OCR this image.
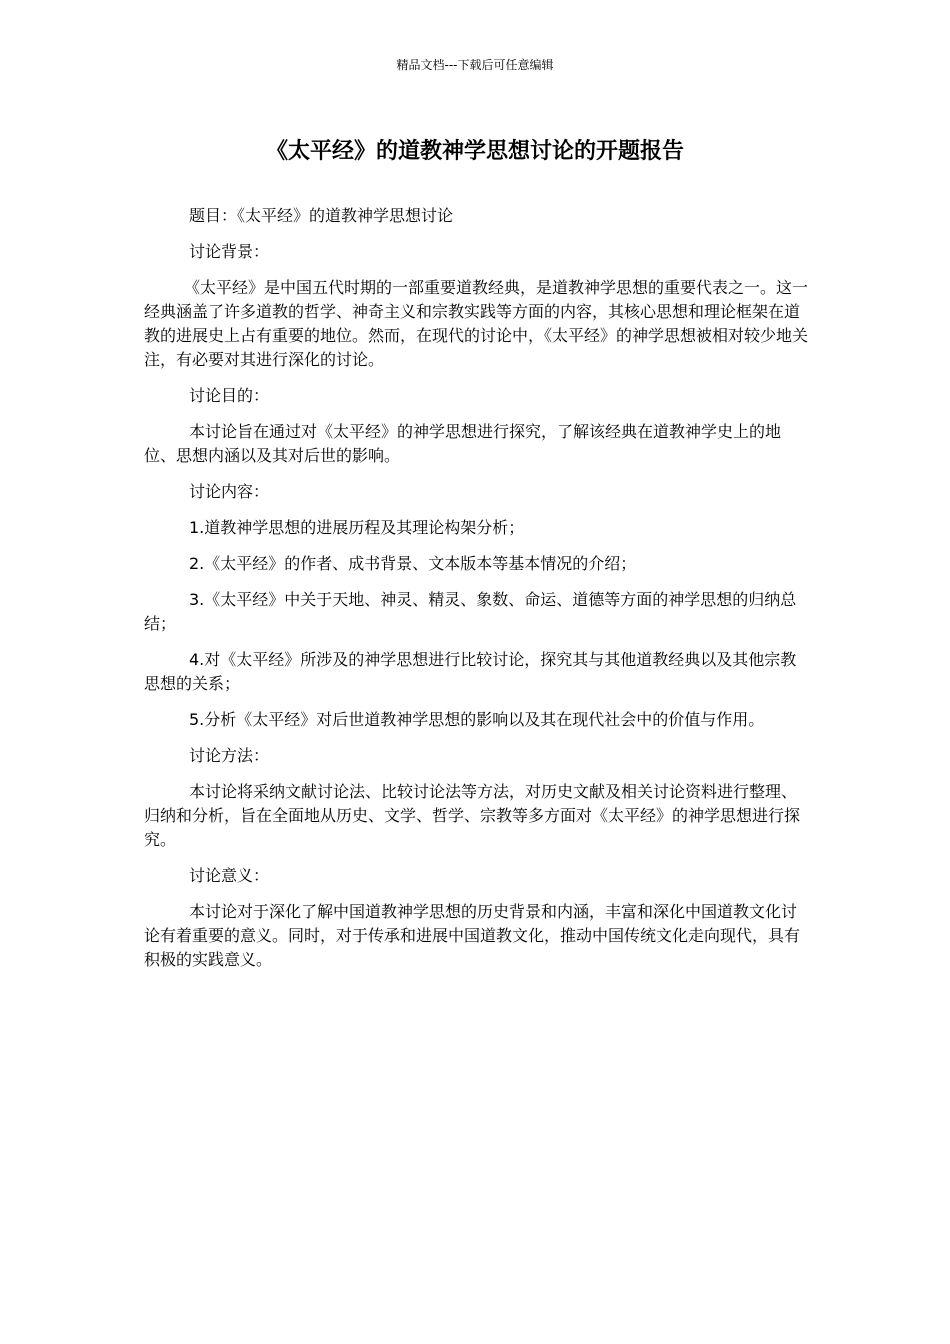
精品文档---下载后可任意编辑
《太平经》的道教神学思想讨论的开题报告

题目：《太平经》的道教神学思想讨论

讨论背景：

《太平经》是中国五代时期的一部重要道教经典，是道教神学思想的重要代表之一。这一经典涵盖了许多道教的哲学、神奇主义和宗教实践等方面的内容，其核心思想和理论框架在道教的进展史上占有重要的地位。然而，在现代的讨论中，《太平经》的神学思想被相对较少地关注，有必要对其进行深化的讨论。

讨论目的：

本讨论旨在通过对《太平经》的神学思想进行探究，了解该经典在道教神学史上的地位、思想内涵以及其对后世的影响。

讨论内容：

1.道教神学思想的进展历程及其理论构架分析；

2.《太平经》的作者、成书背景、文本版本等基本情况的介绍；

3.《太平经》中关于天地、神灵、精灵、象数、命运、道德等方面的神学思想的归纳总结；

4.对《太平经》所涉及的神学思想进行比较讨论，探究其与其他道教经典以及其他宗教思想的关系；

5.分析《太平经》对后世道教神学思想的影响以及其在现代社会中的价值与作用。

讨论方法：

本讨论将采纳文献讨论法、比较讨论法等方法，对历史文献及相关讨论资料进行整理、归纳和分析，旨在全面地从历史、文学、哲学、宗教等多方面对《太平经》的神学思想进行探究。

讨论意义：

本讨论对于深化了解中国道教神学思想的历史背景和内涵，丰富和深化中国道教文化讨论有着重要的意义。同时，对于传承和进展中国道教文化，推动中国传统文化走向现代，具有积极的实践意义。
